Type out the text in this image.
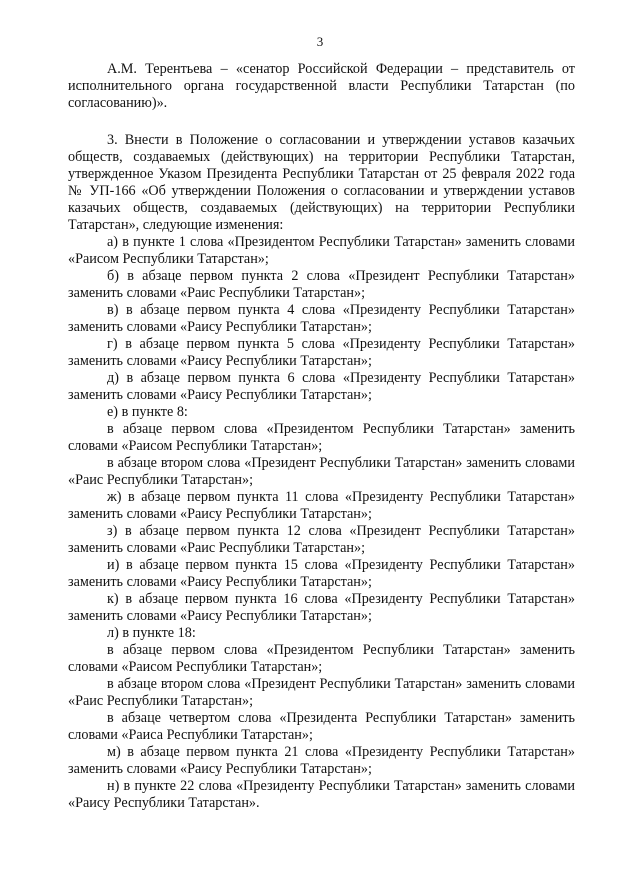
3

А.М. Терентьева – «сенатор Российской Федерации – представитель от исполнительного органа государственной власти Республики Татарстан (по согласованию)».

3. Внести в Положение о согласовании и утверждении уставов казачьих обществ, создаваемых (действующих) на территории Республики Татарстан, утвержденное Указом Президента Республики Татарстан от 25 февраля 2022 года № УП-166 «Об утверждении Положения о согласовании и утверждении уставов казачьих обществ, создаваемых (действующих) на территории Республики Татарстан», следующие изменения:

а) в пункте 1 слова «Президентом Республики Татарстан» заменить словами «Раисом Республики Татарстан»;

б) в абзаце первом пункта 2 слова «Президент Республики Татарстан» заменить словами «Раис Республики Татарстан»;

в) в абзаце первом пункта 4 слова «Президенту Республики Татарстан» заменить словами «Раису Республики Татарстан»;

г) в абзаце первом пункта 5 слова «Президенту Республики Татарстан» заменить словами «Раису Республики Татарстан»;

д) в абзаце первом пункта 6 слова «Президенту Республики Татарстан» заменить словами «Раису Республики Татарстан»;

е) в пункте 8:

в абзаце первом слова «Президентом Республики Татарстан» заменить словами «Раисом Республики Татарстан»;

в абзаце втором слова «Президент Республики Татарстан» заменить словами «Раис Республики Татарстан»;

ж) в абзаце первом пункта 11 слова «Президенту Республики Татарстан» заменить словами «Раису Республики Татарстан»;

з) в абзаце первом пункта 12 слова «Президент Республики Татарстан» заменить словами «Раис Республики Татарстан»;

и) в абзаце первом пункта 15 слова «Президенту Республики Татарстан» заменить словами «Раису Республики Татарстан»;

к) в абзаце первом пункта 16 слова «Президенту Республики Татарстан» заменить словами «Раису Республики Татарстан»;

л) в пункте 18:

в абзаце первом слова «Президентом Республики Татарстан» заменить словами «Раисом Республики Татарстан»;

в абзаце втором слова «Президент Республики Татарстан» заменить словами «Раис Республики Татарстан»;

в абзаце четвертом слова «Президента Республики Татарстан» заменить словами «Раиса Республики Татарстан»;

м) в абзаце первом пункта 21 слова «Президенту Республики Татарстан» заменить словами «Раису Республики Татарстан»;

н) в пункте 22 слова «Президенту Республики Татарстан» заменить словами «Раису Республики Татарстан».
